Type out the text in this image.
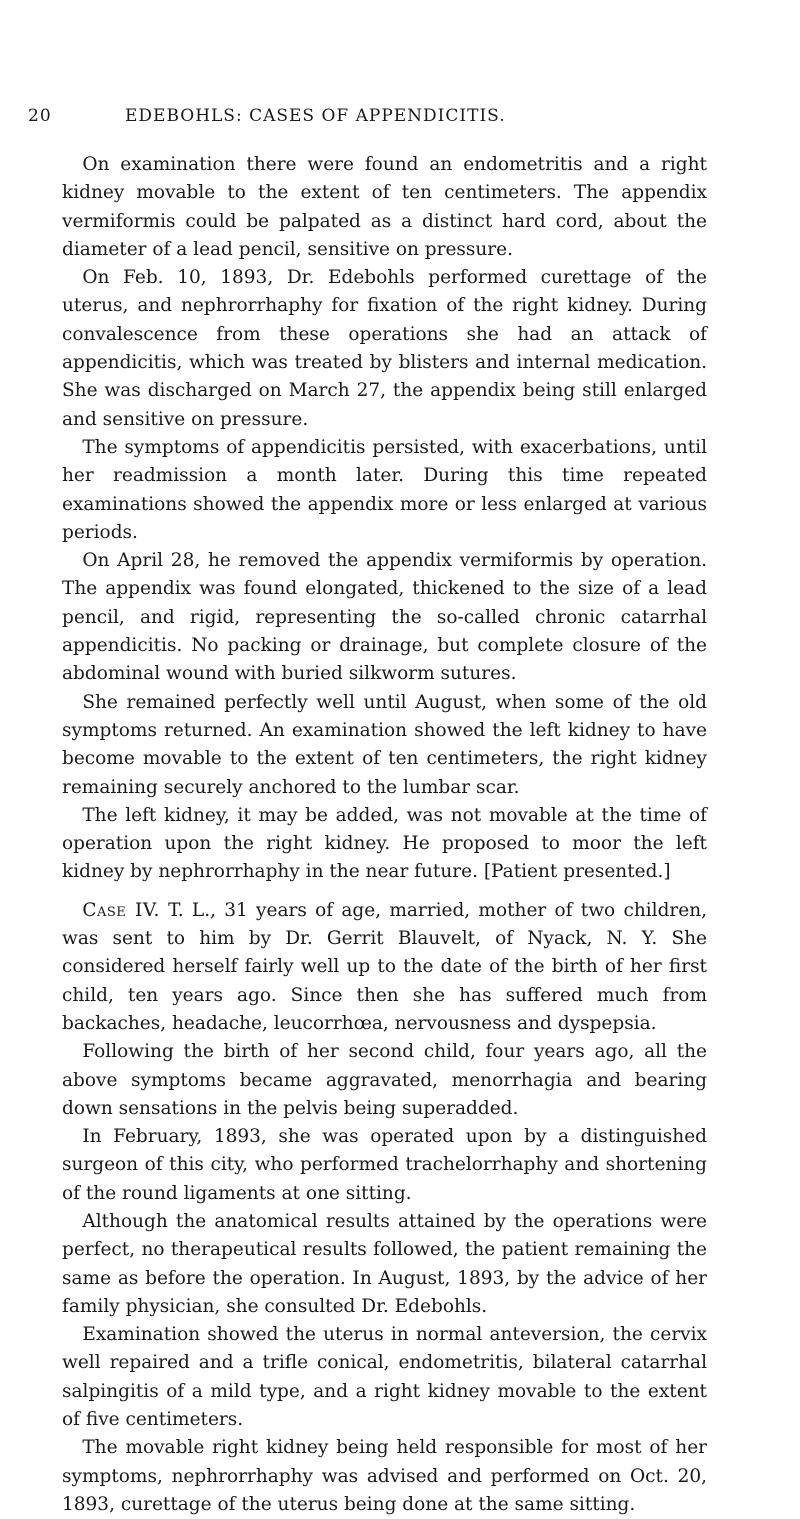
20	EDEBOHLS: CASES OF APPENDICITIS.

On examination there were found an endometritis and a right kidney movable to the extent of ten centimeters. The appendix vermiformis could be palpated as a distinct hard cord, about the diameter of a lead pencil, sensitive on pressure.

On Feb. 10, 1893, Dr. Edebohls performed curettage of the uterus, and nephrorrhaphy for fixation of the right kidney. During convalescence from these operations she had an attack of appendicitis, which was treated by blisters and internal medication. She was discharged on March 27, the appendix being still enlarged and sensitive on pressure.

The symptoms of appendicitis persisted, with exacerbations, until her readmission a month later. During this time repeated examinations showed the appendix more or less enlarged at various periods.

On April 28, he removed the appendix vermiformis by operation. The appendix was found elongated, thickened to the size of a lead pencil, and rigid, representing the so-called chronic catarrhal appendicitis. No packing or drainage, but complete closure of the abdominal wound with buried silkworm sutures.

She remained perfectly well until August, when some of the old symptoms returned. An examination showed the left kidney to have become movable to the extent of ten centimeters, the right kidney remaining securely anchored to the lumbar scar.

The left kidney, it may be added, was not movable at the time of operation upon the right kidney. He proposed to moor the left kidney by nephrorrhaphy in the near future. [Patient presented.]

Case IV. T. L., 31 years of age, married, mother of two children, was sent to him by Dr. Gerrit Blauvelt, of Nyack, N. Y. She considered herself fairly well up to the date of the birth of her first child, ten years ago. Since then she has suffered much from backaches, headache, leucorrhœa, nervousness and dyspepsia.

Following the birth of her second child, four years ago, all the above symptoms became aggravated, menorrhagia and bearing down sensations in the pelvis being superadded.

In February, 1893, she was operated upon by a distinguished surgeon of this city, who performed trachelorrhaphy and shortening of the round ligaments at one sitting.

Although the anatomical results attained by the operations were perfect, no therapeutical results followed, the patient remaining the same as before the operation. In August, 1893, by the advice of her family physician, she consulted Dr. Edebohls.

Examination showed the uterus in normal anteversion, the cervix well repaired and a trifle conical, endometritis, bilateral catarrhal salpingitis of a mild type, and a right kidney movable to the extent of five centimeters.

The movable right kidney being held responsible for most of her symptoms, nephrorrhaphy was advised and performed on Oct. 20, 1893, curettage of the uterus being done at the same sitting.
